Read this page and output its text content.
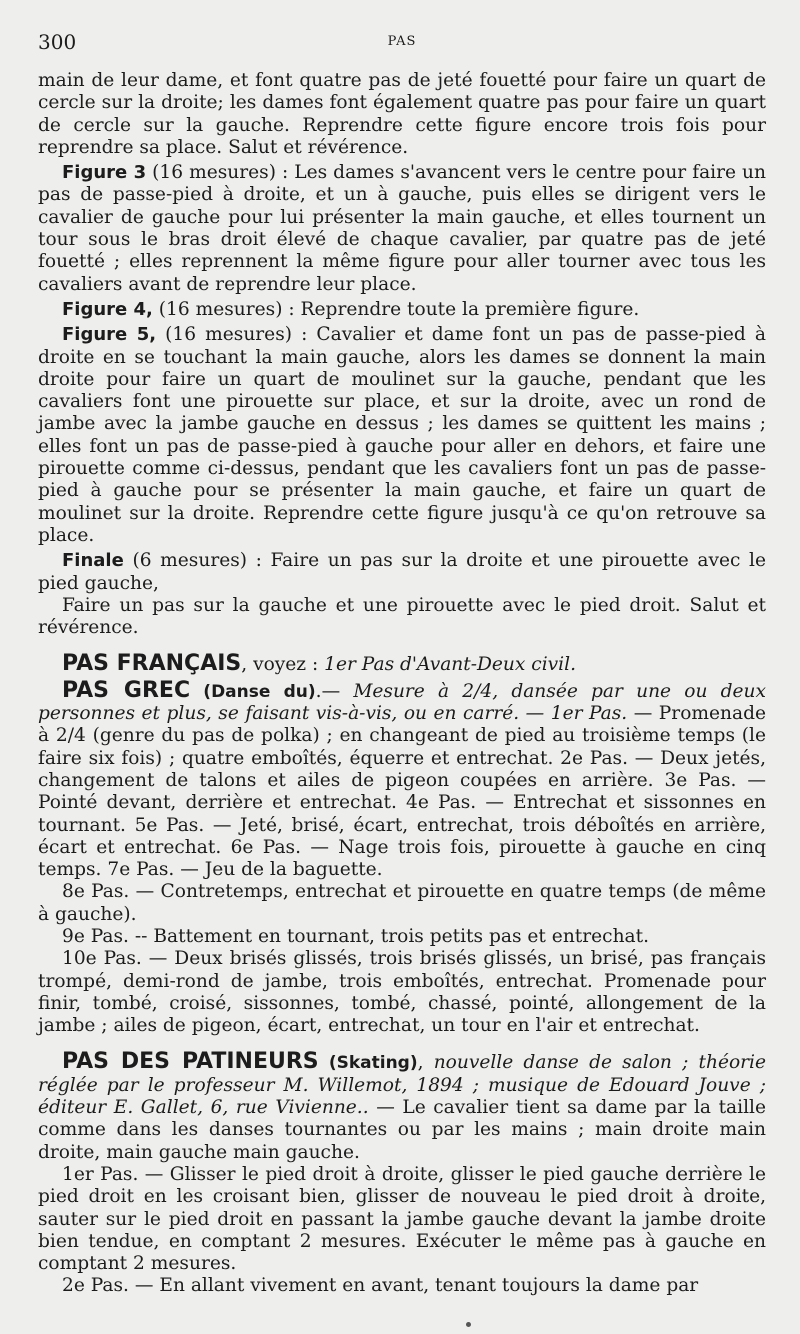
300	PAS

main de leur dame, et font quatre pas de jeté fouetté pour faire un quart de cercle sur la droite; les dames font également quatre pas pour faire un quart de cercle sur la gauche. Reprendre cette figure encore trois fois pour reprendre sa place. Salut et révérence.

Figure 3 (16 mesures) : Les dames s'avancent vers le centre pour faire un pas de passe-pied à droite, et un à gauche, puis elles se dirigent vers le cavalier de gauche pour lui présenter la main gauche, et elles tournent un tour sous le bras droit élevé de chaque cavalier, par quatre pas de jeté fouetté ; elles reprennent la même figure pour aller tourner avec tous les cavaliers avant de reprendre leur place.

Figure 4, (16 mesures) : Reprendre toute la première figure.

Figure 5, (16 mesures) : Cavalier et dame font un pas de passe-pied à droite en se touchant la main gauche, alors les dames se donnent la main droite pour faire un quart de moulinet sur la gauche, pendant que les cavaliers font une pirouette sur place, et sur la droite, avec un rond de jambe avec la jambe gauche en dessus ; les dames se quittent les mains ; elles font un pas de passe-pied à gauche pour aller en dehors, et faire une pirouette comme ci-dessus, pendant que les cavaliers font un pas de passe-pied à gauche pour se présenter la main gauche, et faire un quart de moulinet sur la droite. Reprendre cette figure jusqu'à ce qu'on retrouve sa place.

Finale (6 mesures) : Faire un pas sur la droite et une pirouette avec le pied gauche,

Faire un pas sur la gauche et une pirouette avec le pied droit. Salut et révérence.

PAS FRANÇAIS, voyez : 1er Pas d'Avant-Deux civil.

PAS GREC (Danse du).— Mesure à 2/4, dansée par une ou deux personnes et plus, se faisant vis-à-vis, ou en carré. — 1er Pas. — Promenade à 2/4 (genre du pas de polka) ; en changeant de pied au troisième temps (le faire six fois) ; quatre emboîtés, équerre et entrechat. 2e Pas. — Deux jetés, changement de talons et ailes de pigeon coupées en arrière. 3e Pas. — Pointé devant, derrière et entrechat. 4e Pas. — Entrechat et sissonnes en tournant. 5e Pas. — Jeté, brisé, écart, entrechat, trois déboîtés en arrière, écart et entrechat. 6e Pas. — Nage trois fois, pirouette à gauche en cinq temps. 7e Pas. — Jeu de la baguette.

8e Pas. — Contretemps, entrechat et pirouette en quatre temps (de même à gauche).

9e Pas. -- Battement en tournant, trois petits pas et entrechat.

10e Pas. — Deux brisés glissés, trois brisés glissés, un brisé, pas français trompé, demi-rond de jambe, trois emboîtés, entrechat. Promenade pour finir, tombé, croisé, sissonnes, tombé, chassé, pointé, allongement de la jambe ; ailes de pigeon, écart, entrechat, un tour en l'air et entrechat.

PAS DES PATINEURS (Skating), nouvelle danse de salon ; théorie réglée par le professeur M. Willemot, 1894 ; musique de Edouard Jouve ; éditeur E. Gallet, 6, rue Vivienne.. — Le cavalier tient sa dame par la taille comme dans les danses tournantes ou par les mains ; main droite main droite, main gauche main gauche.

1er Pas. — Glisser le pied droit à droite, glisser le pied gauche derrière le pied droit en les croisant bien, glisser de nouveau le pied droit à droite, sauter sur le pied droit en passant la jambe gauche devant la jambe droite bien tendue, en comptant 2 mesures. Exécuter le même pas à gauche en comptant 2 mesures.

2e Pas. — En allant vivement en avant, tenant toujours la dame par
